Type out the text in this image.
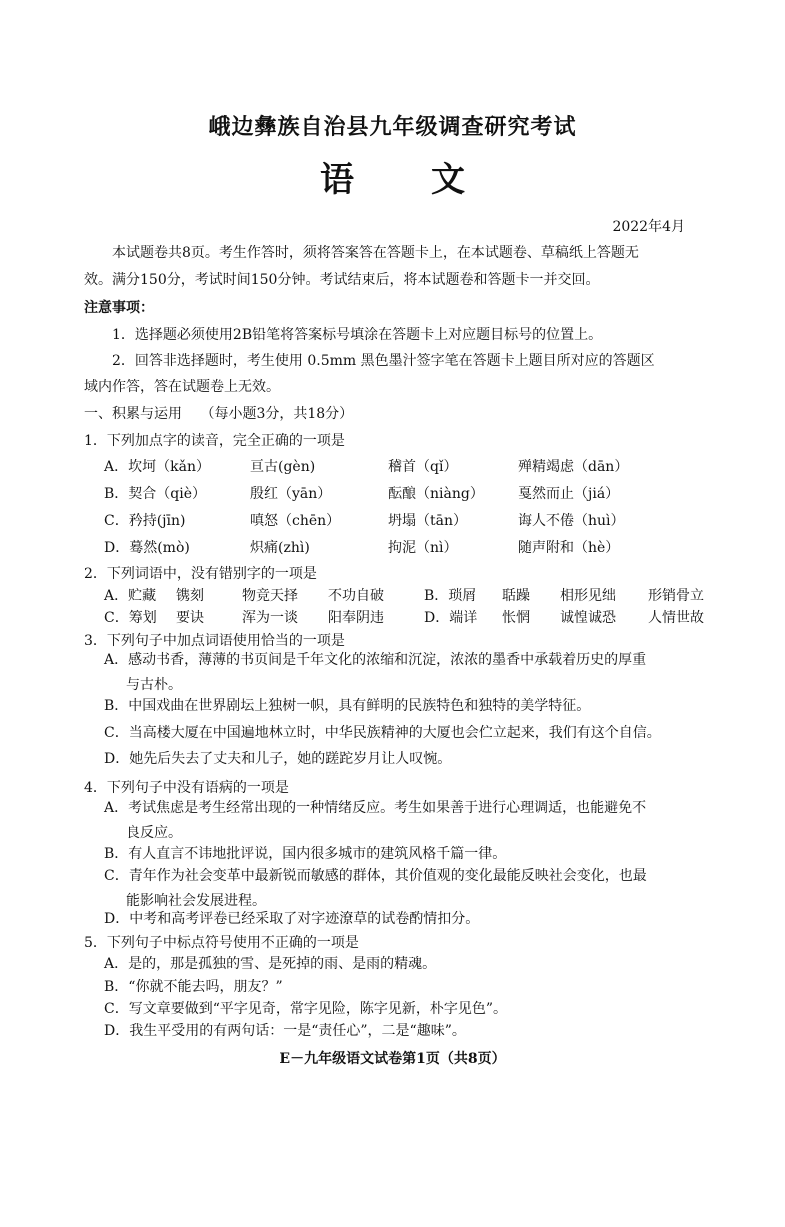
峨边彝族自治县九年级调查研究考试
语 文
2022年4月
本试题卷共8页。考生作答时，须将答案答在答题卡上，在本试题卷、草稿纸上答题无
效。满分150分，考试时间150分钟。考试结束后，将本试题卷和答题卡一并交回。
注意事项：
1．选择题必须使用2B铅笔将答案标号填涂在答题卡上对应题目标号的位置上。
2．回答非选择题时，考生使用 0.5mm 黑色墨汁签字笔在答题卡上题目所对应的答题区
域内作答，答在试题卷上无效。
一、积累与运用 （每小题3分，共18分）
1．下列加点字的读音，完全正确的一项是
A．坎坷（kǎn）	亘古(gèn)	稽首（qǐ）	殚精竭虑（dān）
B．契合（qiè）	殷红（yān）	酝酿（niàng）	戛然而止（jiá）
C．矜持(jīn)	嗔怒（chēn）	坍塌（tān）	诲人不倦（huì）
D．蓦然(mò)	炽痛(zhì)	拘泥（nì）	随声附和（hè）
2．下列词语中，没有错别字的一项是
A．贮藏	镌刻	物竞天择	不功自破	B．琐屑	聒躁	相形见绌	形销骨立
C．筹划	要诀	浑为一谈	阳奉阴违	D．端详	怅惘	诚惶诚恐	人情世故
3．下列句子中加点词语使用恰当的一项是
A．感动书香，薄薄的书页间是千年文化的浓缩和沉淀，浓浓的墨香中承载着历史的厚重
与古朴。
B．中国戏曲在世界剧坛上独树一帜，具有鲜明的民族特色和独特的美学特征。
C．当高楼大厦在中国遍地林立时，中华民族精神的大厦也会伫立起来，我们有这个自信。
D．她先后失去了丈夫和儿子，她的蹉跎岁月让人叹惋。
4．下列句子中没有语病的一项是
A．考试焦虑是考生经常出现的一种情绪反应。考生如果善于进行心理调适，也能避免不
良反应。
B．有人直言不讳地批评说，国内很多城市的建筑风格千篇一律。
C．青年作为社会变革中最新锐而敏感的群体，其价值观的变化最能反映社会变化，也最
能影响社会发展进程。
D．中考和高考评卷已经采取了对字迹潦草的试卷酌情扣分。
5．下列句子中标点符号使用不正确的一项是
A．是的，那是孤独的雪、是死掉的雨、是雨的精魂。
B．“你就不能去吗，朋友？”
C．写文章要做到“平字见奇，常字见险，陈字见新，朴字见色”。
D．我生平受用的有两句话：一是“责任心”，二是“趣味”。
E－九年级语文试卷第1页（共8页）
